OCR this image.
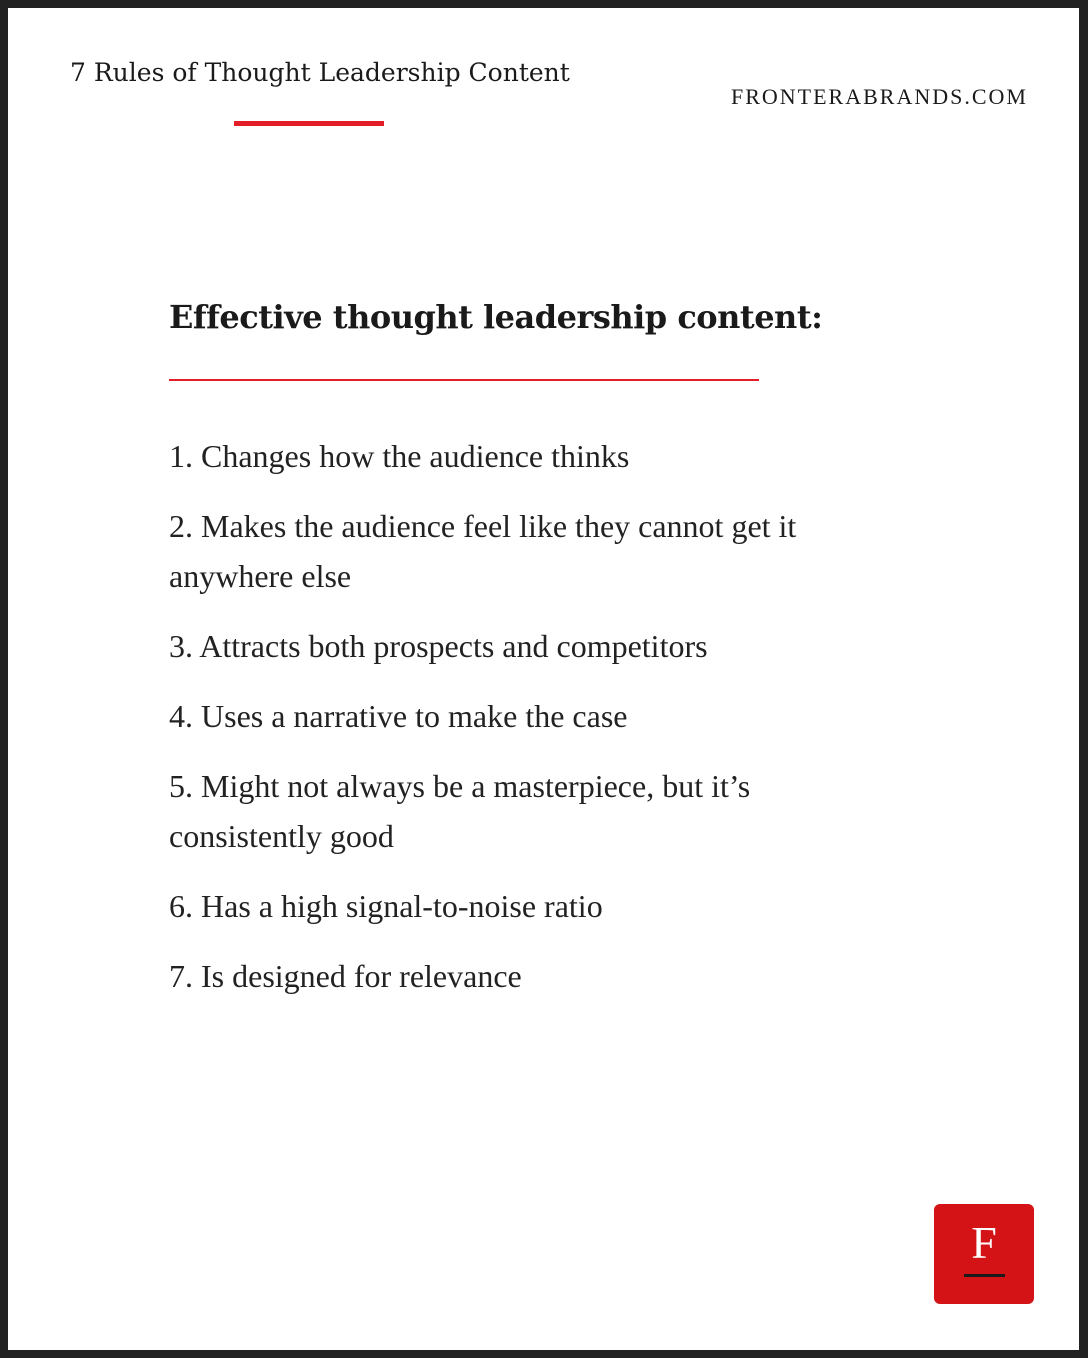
7 Rules of Thought Leadership Content
FRONTERABRANDS.COM
Effective thought leadership content:
1. Changes how the audience thinks
2. Makes the audience feel like they cannot get it anywhere else
3. Attracts both prospects and competitors
4. Uses a narrative to make the case
5. Might not always be a masterpiece, but it’s consistently good
6. Has a high signal-to-noise ratio
7. Is designed for relevance
F
